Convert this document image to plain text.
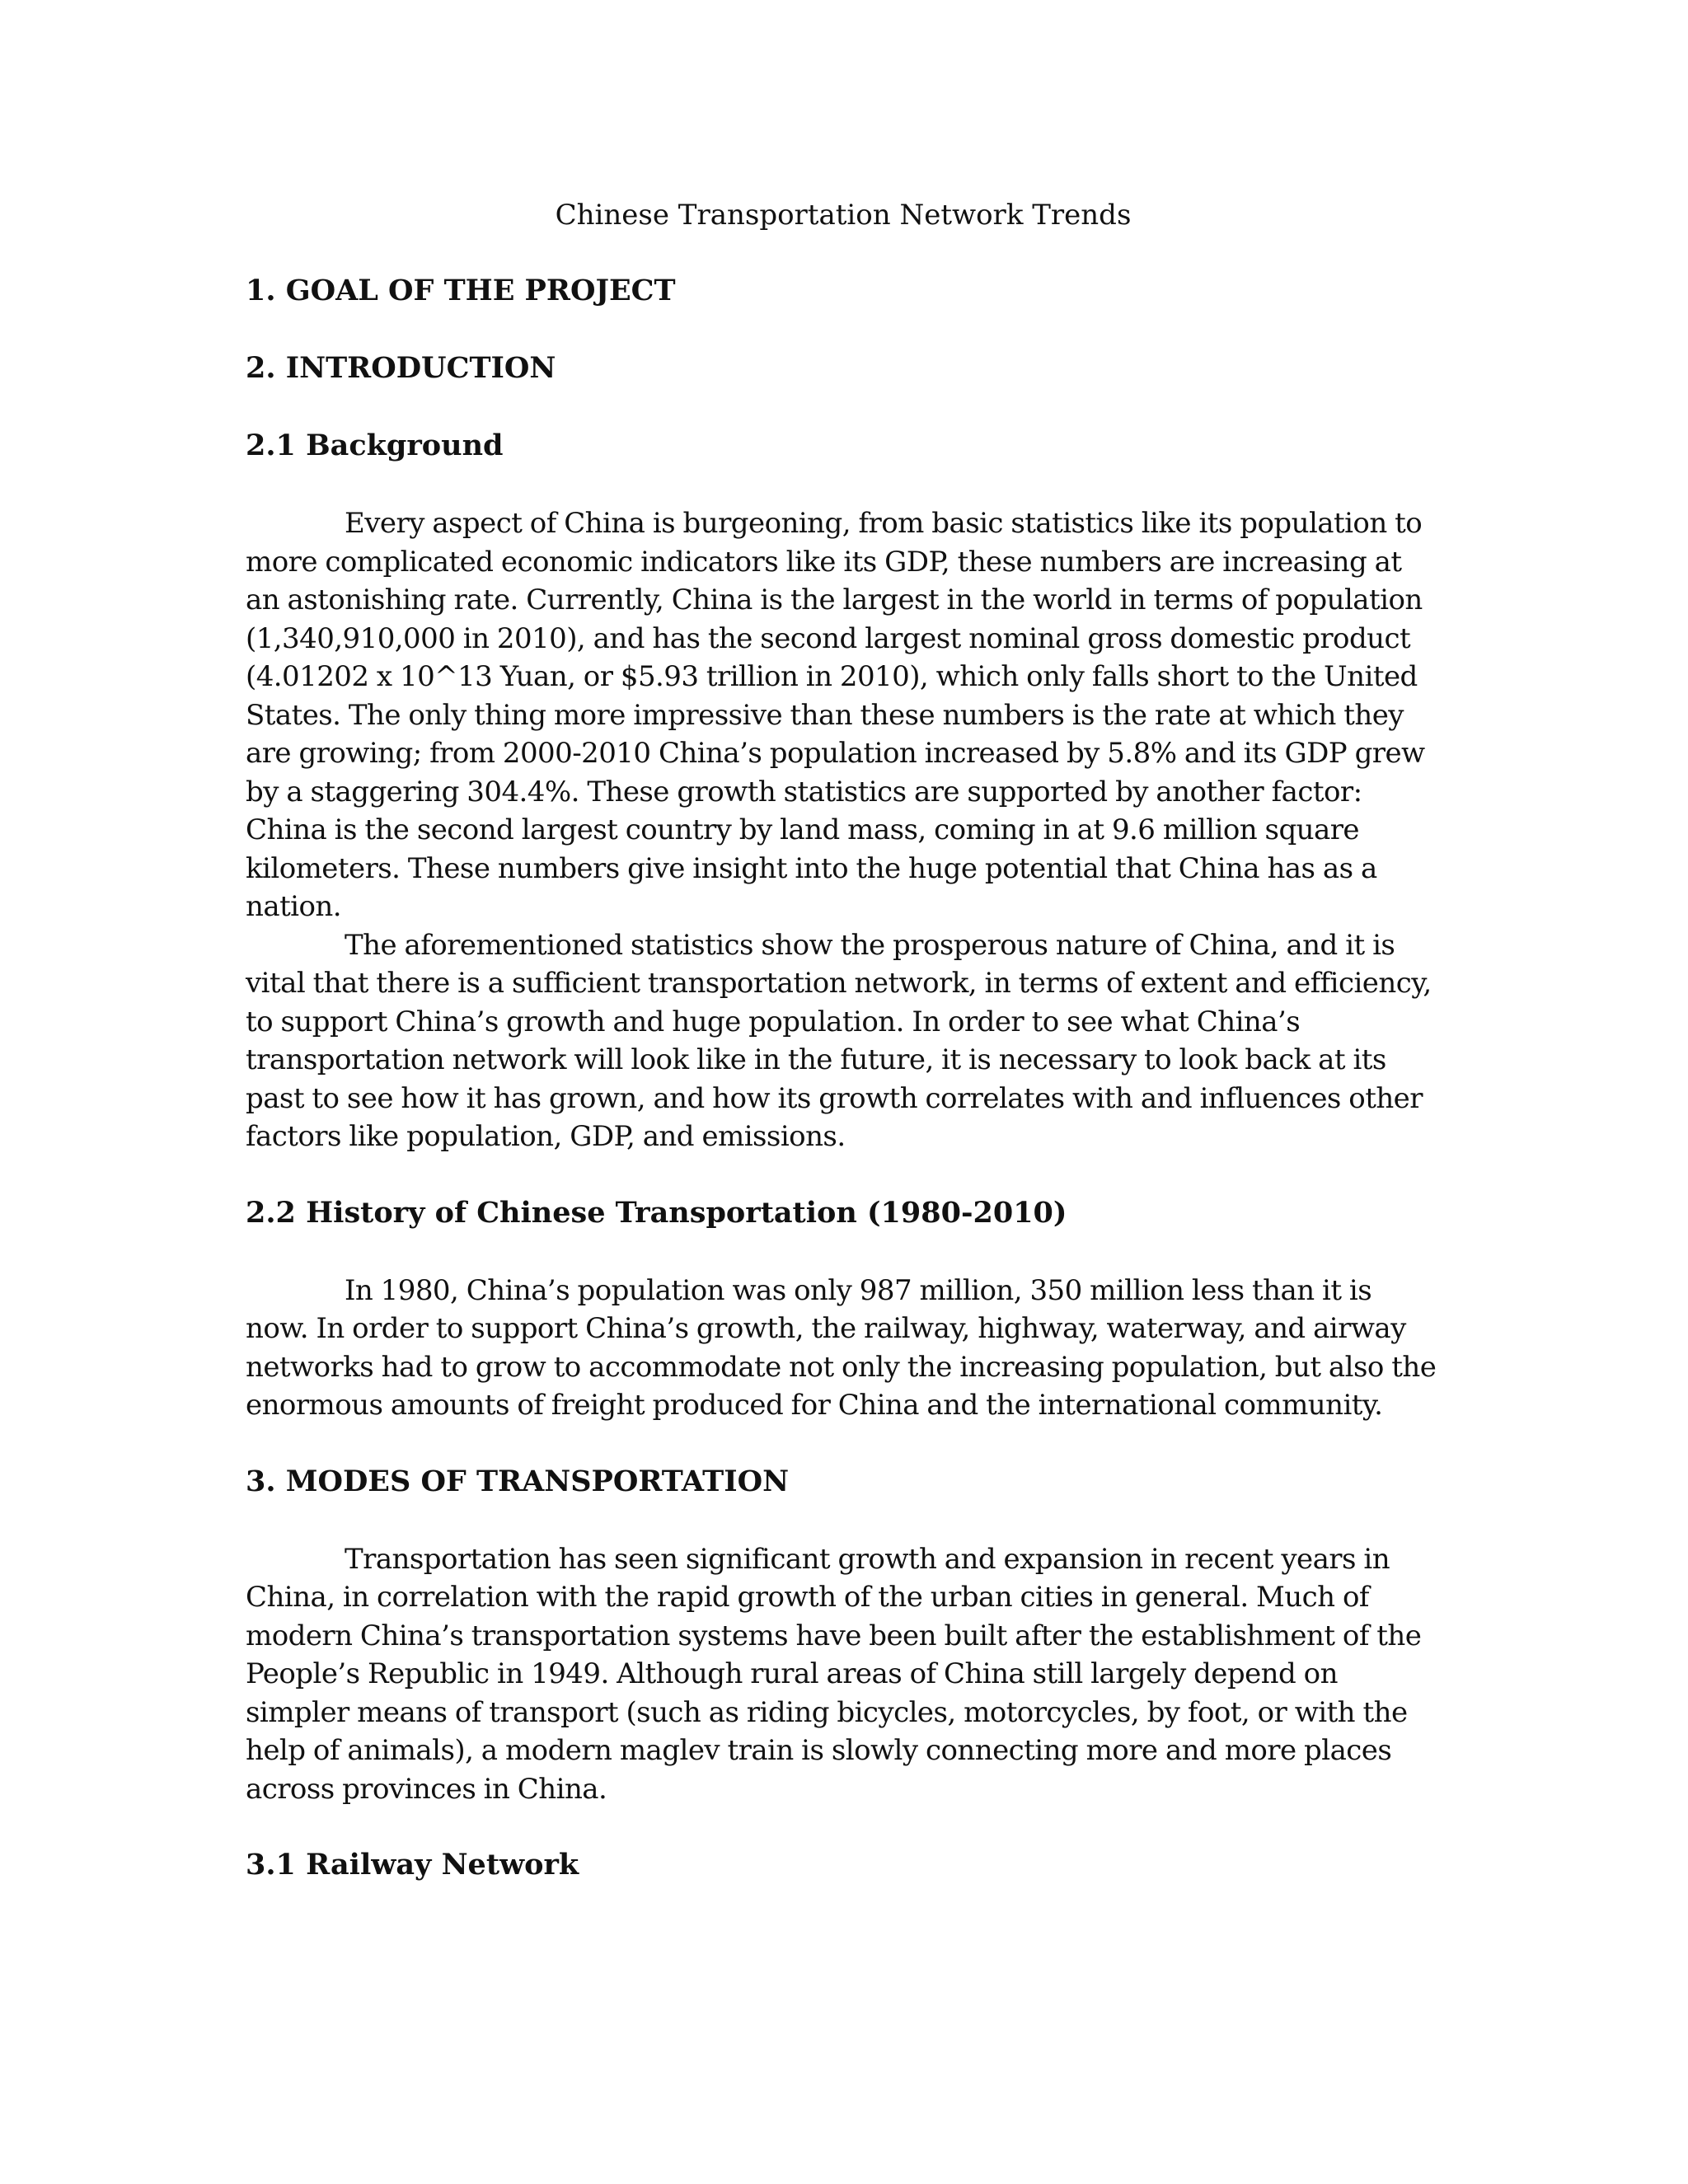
Chinese Transportation Network Trends
1. GOAL OF THE PROJECT
2. INTRODUCTION
2.1 Background

Every aspect of China is burgeoning, from basic statistics like its population to more complicated economic indicators like its GDP, these numbers are increasing at an astonishing rate. Currently, China is the largest in the world in terms of population (1,340,910,000 in 2010), and has the second largest nominal gross domestic product (4.01202 x 10^13 Yuan, or $5.93 trillion in 2010), which only falls short to the United States. The only thing more impressive than these numbers is the rate at which they are growing; from 2000-2010 China’s population increased by 5.8% and its GDP grew by a staggering 304.4%. These growth statistics are supported by another factor: China is the second largest country by land mass, coming in at 9.6 million square kilometers. These numbers give insight into the huge potential that China has as a nation.

The aforementioned statistics show the prosperous nature of China, and it is vital that there is a sufficient transportation network, in terms of extent and efficiency, to support China’s growth and huge population. In order to see what China’s transportation network will look like in the future, it is necessary to look back at its past to see how it has grown, and how its growth correlates with and influences other factors like population, GDP, and emissions.

2.2 History of Chinese Transportation (1980-2010)

In 1980, China’s population was only 987 million, 350 million less than it is now. In order to support China’s growth, the railway, highway, waterway, and airway networks had to grow to accommodate not only the increasing population, but also the enormous amounts of freight produced for China and the international community.

3. MODES OF TRANSPORTATION

Transportation has seen significant growth and expansion in recent years in China, in correlation with the rapid growth of the urban cities in general. Much of modern China’s transportation systems have been built after the establishment of the People’s Republic in 1949. Although rural areas of China still largely depend on simpler means of transport (such as riding bicycles, motorcycles, by foot, or with the help of animals), a modern maglev train is slowly connecting more and more places across provinces in China.

3.1 Railway Network
